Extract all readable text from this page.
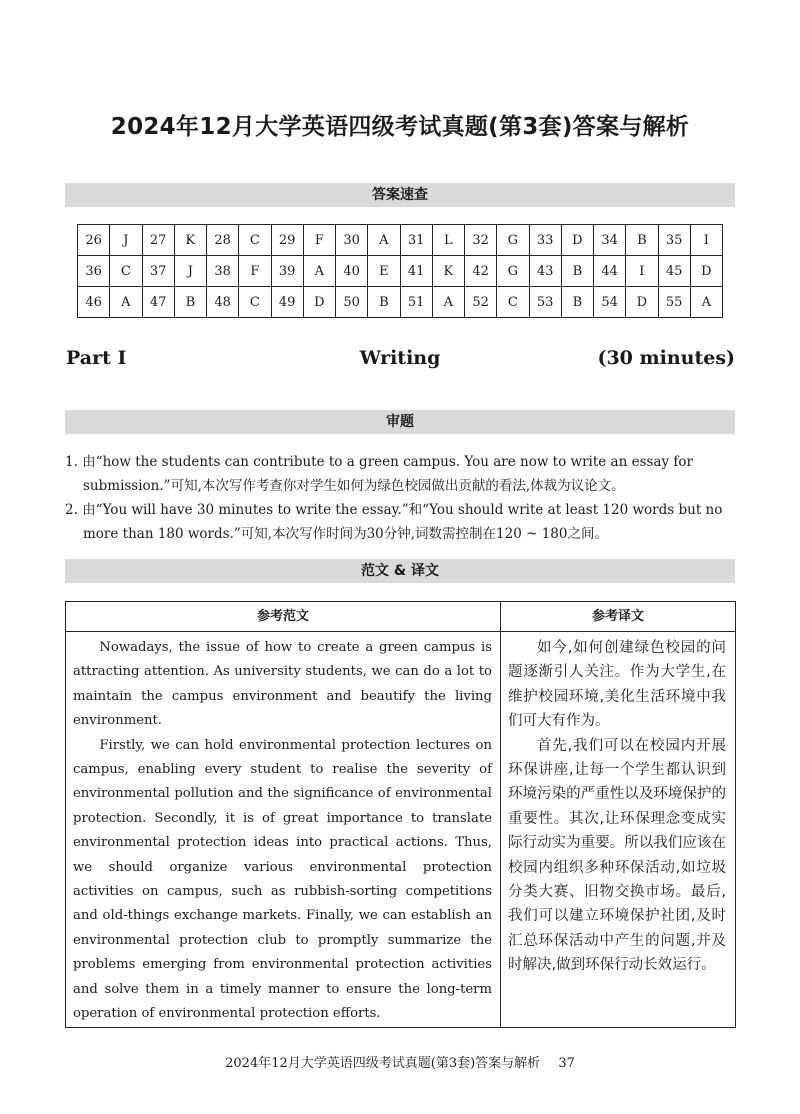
2024年12月大学英语四级考试真题(第3套)答案与解析
答案速查
26	J	27	K	28	C	29	F	30	A	31	L	32	G	33	D	34	B	35	I
36	C	37	J	38	F	39	A	40	E	41	K	42	G	43	B	44	I	45	D
46	A	47	B	48	C	49	D	50	B	51	A	52	C	53	B	54	D	55	A
Part Ⅰ	Writing	(30 minutes)
审题
1. 由“how the students can contribute to a green campus. You are now to write an essay for submission.”可知,本次写作考查你对学生如何为绿色校园做出贡献的看法,体裁为议论文。
2. 由“You will have 30 minutes to write the essay.”和“You should write at least 120 words but no more than 180 words.”可知,本次写作时间为30分钟,词数需控制在120 ~ 180之间。
范文 & 译文
参考范文	参考译文

Nowadays, the issue of how to create a green campus is attracting attention. As university students, we can do a lot to maintain the campus environment and beautify the living environment.

Firstly, we can hold environmental protection lectures on campus, enabling every student to realise the severity of environmental pollution and the significance of environmental protection. Secondly, it is of great importance to translate environmental protection ideas into practical actions. Thus, we should organize various environmental protection activities on campus, such as rubbish-sorting competitions and old-things exchange markets. Finally, we can establish an environmental protection club to promptly summarize the problems emerging from environmental protection activities and solve them in a timely manner to ensure the long-term operation of environmental protection efforts.

如今,如何创建绿色校园的问题逐渐引人关注。作为大学生,在维护校园环境,美化生活环境中我们可大有作为。

首先,我们可以在校园内开展环保讲座,让每一个学生都认识到环境污染的严重性以及环境保护的重要性。其次,让环保理念变成实际行动实为重要。所以我们应该在校园内组织多种环保活动,如垃圾分类大赛、旧物交换市场。最后,我们可以建立环境保护社团,及时汇总环保活动中产生的问题,并及时解决,做到环保行动长效运行。

2024年12月大学英语四级考试真题(第3套)答案与解析 37
